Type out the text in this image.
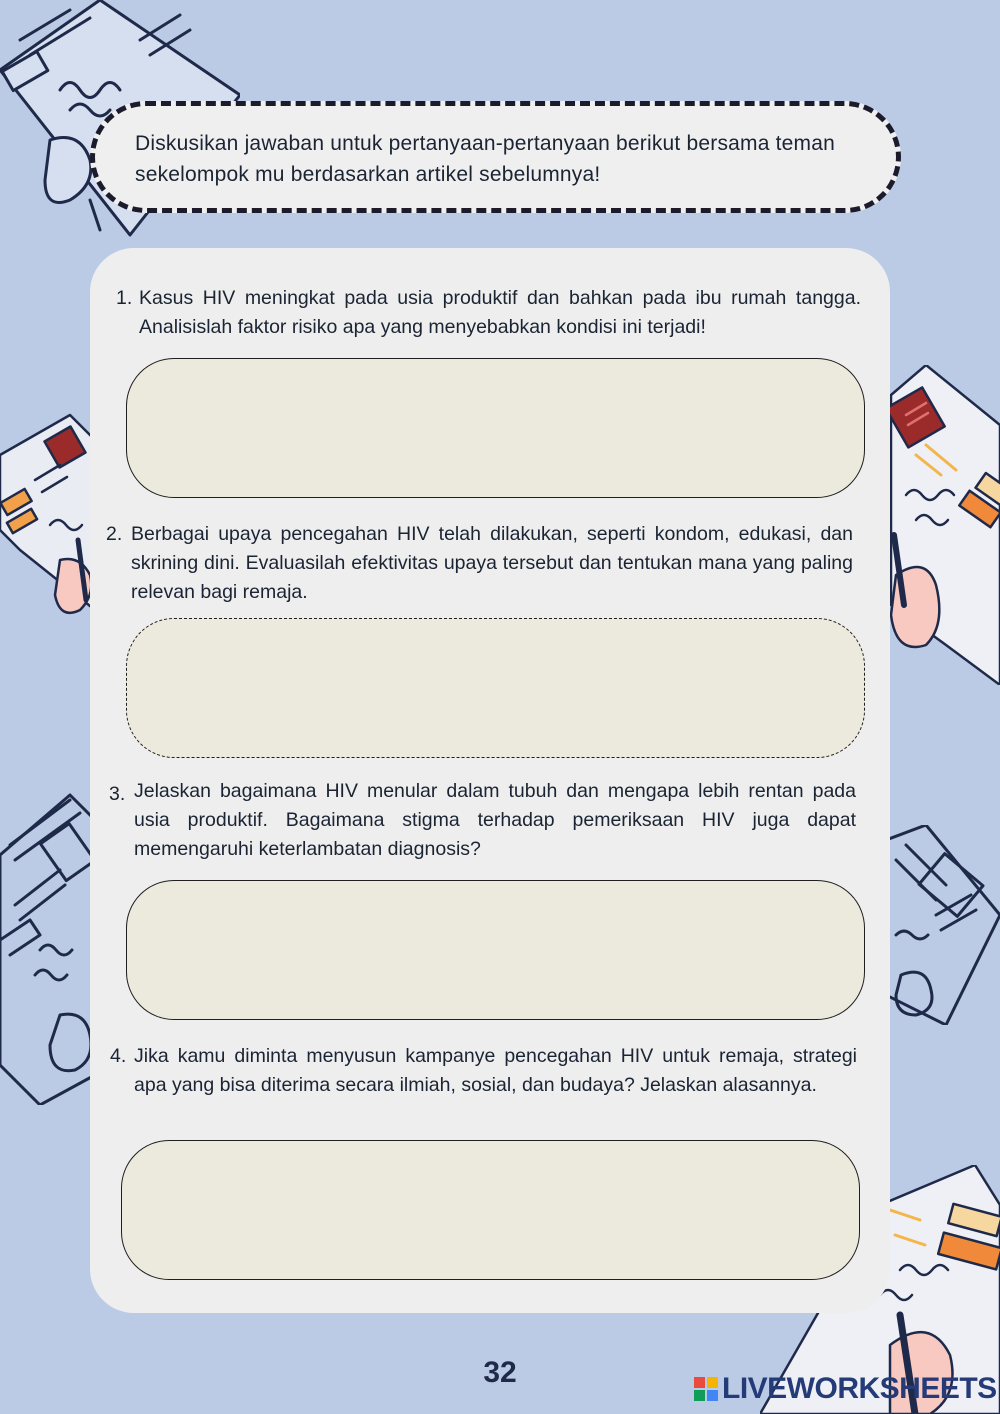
Diskusikan jawaban untuk pertanyaan-pertanyaan berikut bersama teman sekelompok mu berdasarkan artikel sebelumnya!
1. Kasus HIV meningkat pada usia produktif dan bahkan pada ibu rumah tangga. Analisislah faktor risiko apa yang menyebabkan kondisi ini terjadi!
2. Berbagai upaya pencegahan HIV telah dilakukan, seperti kondom, edukasi, dan skrining dini. Evaluasilah efektivitas upaya tersebut dan tentukan mana yang paling relevan bagi remaja.
3. Jelaskan bagaimana HIV menular dalam tubuh dan mengapa lebih rentan pada usia produktif. Bagaimana stigma terhadap pemeriksaan HIV juga dapat memengaruhi keterlambatan diagnosis?
4. Jika kamu diminta menyusun kampanye pencegahan HIV untuk remaja, strategi apa yang bisa diterima secara ilmiah, sosial, dan budaya? Jelaskan alasannya.
32	LIVEWORKSHEETS
